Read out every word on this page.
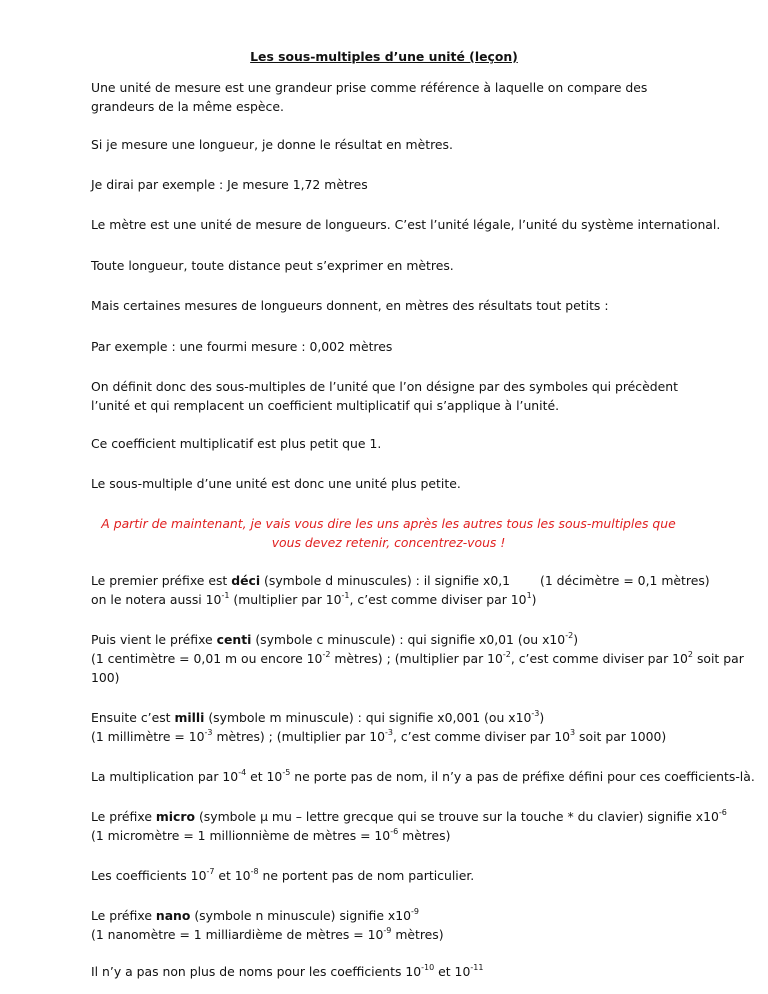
Les sous-multiples d’une unité (leçon)
Une unité de mesure est une grandeur prise comme référence à laquelle on compare des grandeurs de la même espèce.
Si je mesure une longueur, je donne le résultat en mètres.
Je dirai par exemple : Je mesure 1,72 mètres
Le mètre est une unité de mesure de longueurs. C’est l’unité légale, l’unité du système international.
Toute longueur, toute distance peut s’exprimer en mètres.
Mais certaines mesures de longueurs donnent, en mètres des résultats tout petits :
Par exemple : une fourmi mesure : 0,002 mètres
On définit donc des sous-multiples de l’unité que l’on désigne par des symboles qui précèdent l’unité et qui remplacent un coefficient multiplicatif qui s’applique à l’unité.
Ce coefficient multiplicatif est plus petit que 1.
Le sous-multiple d’une unité est donc une unité plus petite.
A partir de maintenant, je vais vous dire les uns après les autres tous les sous-multiples que vous devez retenir, concentrez-vous !
Le premier préfixe est déci (symbole d minuscules) : il signifie x0,1 (1 décimètre = 0,1 mètres)
on le notera aussi $10^{-1}$ (multiplier par $10^{-1}$, c’est comme diviser par $10^1$)
Puis vient le préfixe centi (symbole c minuscule) : qui signifie x0,01 (ou $x10^{-2}$)
(1 centimètre = 0,01 m ou encore $10^{-2}$ mètres) ; (multiplier par $10^{-2}$, c’est comme diviser par $10^2$ soit par
100)
Ensuite c’est milli (symbole m minuscule) : qui signifie x0,001 (ou $x10^{-3}$)
(1 millimètre = $10^{-3}$ mètres) ; (multiplier par $10^{-3}$, c’est comme diviser par $10^3$ soit par 1000)
La multiplication par $10^{-4}$ et $10^{-5}$ ne porte pas de nom, il n’y a pas de préfixe défini pour ces coefficients-là.
Le préfixe micro (symbole µ mu – lettre grecque qui se trouve sur la touche * du clavier) signifie $x10^{-6}$
(1 micromètre = 1 millionnième de mètres = $10^{-6}$ mètres)
Les coefficients $10^{-7}$ et $10^{-8}$ ne portent pas de nom particulier.
Le préfixe nano (symbole n minuscule) signifie $x10^{-9}$
(1 nanomètre = 1 milliardième de mètres = $10^{-9}$ mètres)
Il n’y a pas non plus de noms pour les coefficients $10^{-10}$ et $10^{-11}$
